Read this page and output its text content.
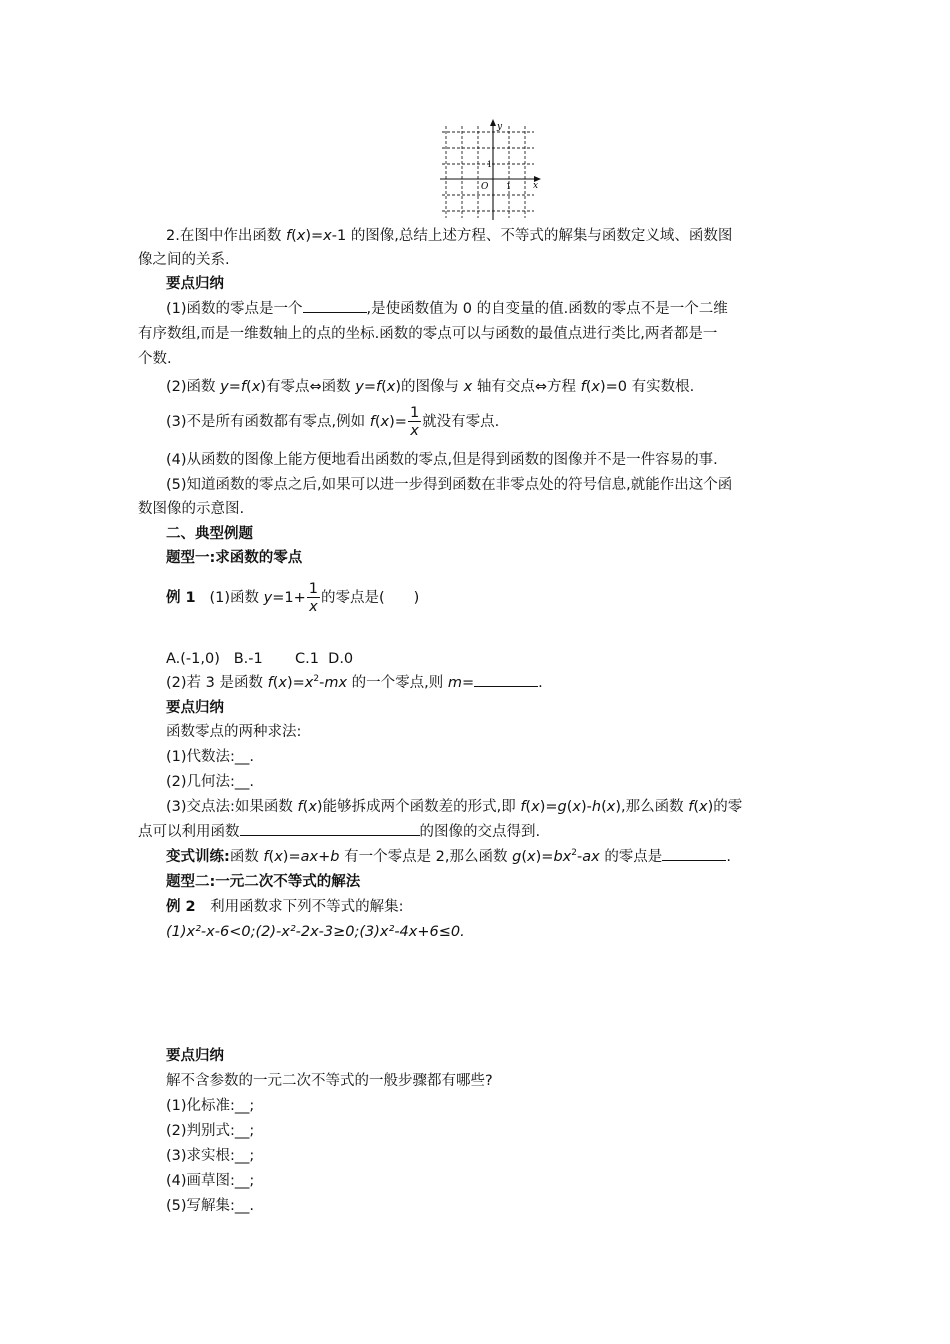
y
x
O 1
1
2.在图中作出函数 f(x)=x-1 的图像,总结上述方程、不等式的解集与函数定义域、函数图
像之间的关系.
要点归纳
(1)函数的零点是一个	,是使函数值为 0 的自变量的值.函数的零点不是一个二维
有序数组,而是一维数轴上的点的坐标.函数的零点可以与函数的最值点进行类比,两者都是一
个数.
(2)函数 y=f(x)有零点⇔函数 y=f(x)的图像与 x 轴有交点⇔方程 f(x)=0 有实数根.
(3)不是所有函数都有零点,例如 $f(x)= \frac{1}{x}$ 就没有零点.
(4)从函数的图像上能方便地看出函数的零点,但是得到函数的图像并不是一件容易的事.
(5)知道函数的零点之后,如果可以进一步得到函数在非零点处的符号信息,就能作出这个函
数图像的示意图.
二、典型例题
题型一:求函数的零点
例 1 (1)函数 $y=1+ \frac{1}{x}$ 的零点是(　　)
A.(-1,0)   B.-1       C.1  D.0
(2)若 3 是函数 $f(x)=x^2-mx$ 的一个零点,则 m=	.
要点归纳
函数零点的两种求法:
(1)代数法:__.
(2)几何法:__.
(3)交点法:如果函数 f(x)能够拆成两个函数差的形式,即 f(x)=g(x)-h(x),那么函数 f(x)的零
点可以利用函数	的图像的交点得到.
变式训练:函数 f(x)=ax+b 有一个零点是 2,那么函数 $g(x)=bx^2-ax$ 的零点是	.
题型二:一元二次不等式的解法
例 2　利用函数求下列不等式的解集:
(1)x²-x-6<0;(2)-x²-2x-3≥0;(3)x²-4x+6≤0.
要点归纳
解不含参数的一元二次不等式的一般步骤都有哪些?
(1)化标准:__;
(2)判别式:__;
(3)求实根:__;
(4)画草图:__;
(5)写解集:__.
